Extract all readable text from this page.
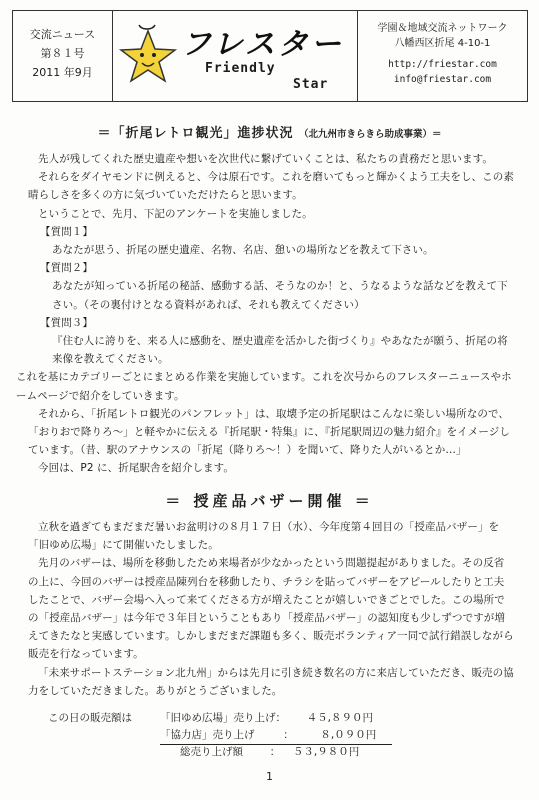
交流ニュース
第８１号
2011 年9月
フレスター
Friendly
Star
学園＆地域交流ネットワーク
八幡西区折尾 4-10-1
http://friestar.com
info@friestar.com
＝「折尾レトロ観光」進捗状況 （北九州市きらきら助成事業）＝

先人が残してくれた歴史遺産や想いを次世代に繋げていくことは、私たちの責務だと思います。

それらをダイヤモンドに例えると、今は原石です。これを磨いてもっと輝かくよう工夫をし、この素晴らしさを多くの方に気づいていただけたらと思います。

ということで、先月、下記のアンケートを実施しました。

【質問１】

あなたが思う、折尾の歴史遺産、名物、名店、憩いの場所などを教えて下さい。

【質問２】

あなたが知っている折尾の秘話、感動する話、そうなのか！と、うなるような話などを教えて下さい。（その裏付けとなる資料があれば、それも教えてください）

【質問３】

『住む人に誇りを、来る人に感動を、歴史遺産を活かした街づくり』やあなたが願う、折尾の将来像を教えてください。

これを基にカテゴリーごとにまとめる作業を実施しています。これを次号からのフレスターニュースやホームページで紹介をしていきます。

それから、「折尾レトロ観光のパンフレット」は、取壊予定の折尾駅はこんなに楽しい場所なので、「おりおで降りろ～」と軽やかに伝える『折尾駅・特集』に、『折尾駅周辺の魅力紹介』をイメージしています。（昔、駅のアナウンスの「折尾（降りろ～！）を聞いて、降りた人がいるとか…」

今回は、P2 に、折尾駅舎を紹介します。

＝ 授産品バザー開催 ＝

立秋を過ぎてもまだまだ暑いお盆明けの８月１７日（水）、今年度第４回目の「授産品バザー」を「旧ゆめ広場」にて開催いたしました。

先月のバザーは、場所を移動したため来場者が少なかったという問題提起がありました。その反省の上に、今回のバザーは授産品陳列台を移動したり、チラシを貼ってバザーをアピールしたりと工夫したことで、バザー会場へ入って来てくださる方が増えたことが嬉しいできごとでした。この場所での「授産品バザー」は今年で３年目ということもあり「授産品バザー」の認知度も少しずつですが増えてきたなと実感しています。しかしまだまだ課題も多く、販売ボランティア一同で試行錯誤しながら販売を行なっています。

「未来サポートステーション北九州」からは先月に引き続き数名の方に来店していただき、販売の協力をしていただきました。ありがとうございました。

この日の販売額は	「旧ゆめ広場」売り上げ： ４５,８９０円
「協力店」売り上げ	：	８,０９０円
総売り上げ額	： ５３,９８０円
1
